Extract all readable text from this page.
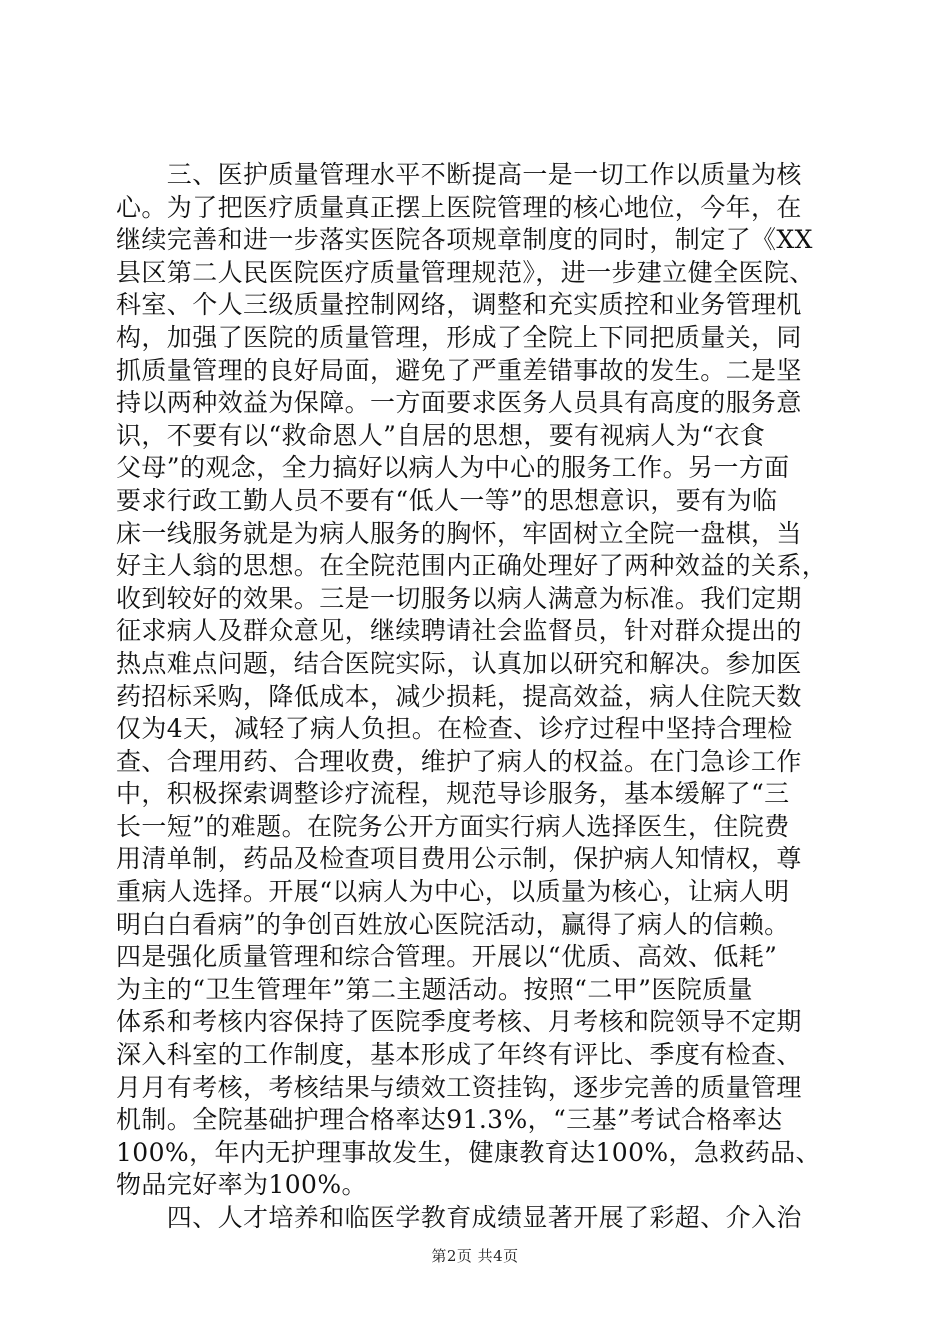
　　三、医护质量管理水平不断提高一是一切工作以质量为核
心。为了把医疗质量真正摆上医院管理的核心地位，今年，在
继续完善和进一步落实医院各项规章制度的同时，制定了《XX
县区第二人民医院医疗质量管理规范》，进一步建立健全医院、
科室、个人三级质量控制网络，调整和充实质控和业务管理机
构，加强了医院的质量管理，形成了全院上下同把质量关，同
抓质量管理的良好局面，避免了严重差错事故的发生。二是坚
持以两种效益为保障。一方面要求医务人员具有高度的服务意
识，不要有以“救命恩人”自居的思想，要有视病人为“衣食
父母”的观念，全力搞好以病人为中心的服务工作。另一方面
要求行政工勤人员不要有“低人一等”的思想意识，要有为临
床一线服务就是为病人服务的胸怀，牢固树立全院一盘棋，当
好主人翁的思想。在全院范围内正确处理好了两种效益的关系，
收到较好的效果。三是一切服务以病人满意为标准。我们定期
征求病人及群众意见，继续聘请社会监督员，针对群众提出的
热点难点问题，结合医院实际，认真加以研究和解决。参加医
药招标采购，降低成本，减少损耗，提高效益，病人住院天数
仅为4天，减轻了病人负担。在检查、诊疗过程中坚持合理检
查、合理用药、合理收费，维护了病人的权益。在门急诊工作
中，积极探索调整诊疗流程，规范导诊服务，基本缓解了“三
长一短”的难题。在院务公开方面实行病人选择医生，住院费
用清单制，药品及检查项目费用公示制，保护病人知情权，尊
重病人选择。开展“以病人为中心，以质量为核心，让病人明
明白白看病”的争创百姓放心医院活动，赢得了病人的信赖。
四是强化质量管理和综合管理。开展以“优质、高效、低耗”
为主的“卫生管理年”第二主题活动。按照“二甲”医院质量
体系和考核内容保持了医院季度考核、月考核和院领导不定期
深入科室的工作制度，基本形成了年终有评比、季度有检查、
月月有考核，考核结果与绩效工资挂钩，逐步完善的质量管理
机制。全院基础护理合格率达91.3%，“三基”考试合格率达
100%，年内无护理事故发生，健康教育达100%，急救药品、
物品完好率为100%。
　　四、人才培养和临医学教育成绩显著开展了彩超、介入治
第2页 共4页
